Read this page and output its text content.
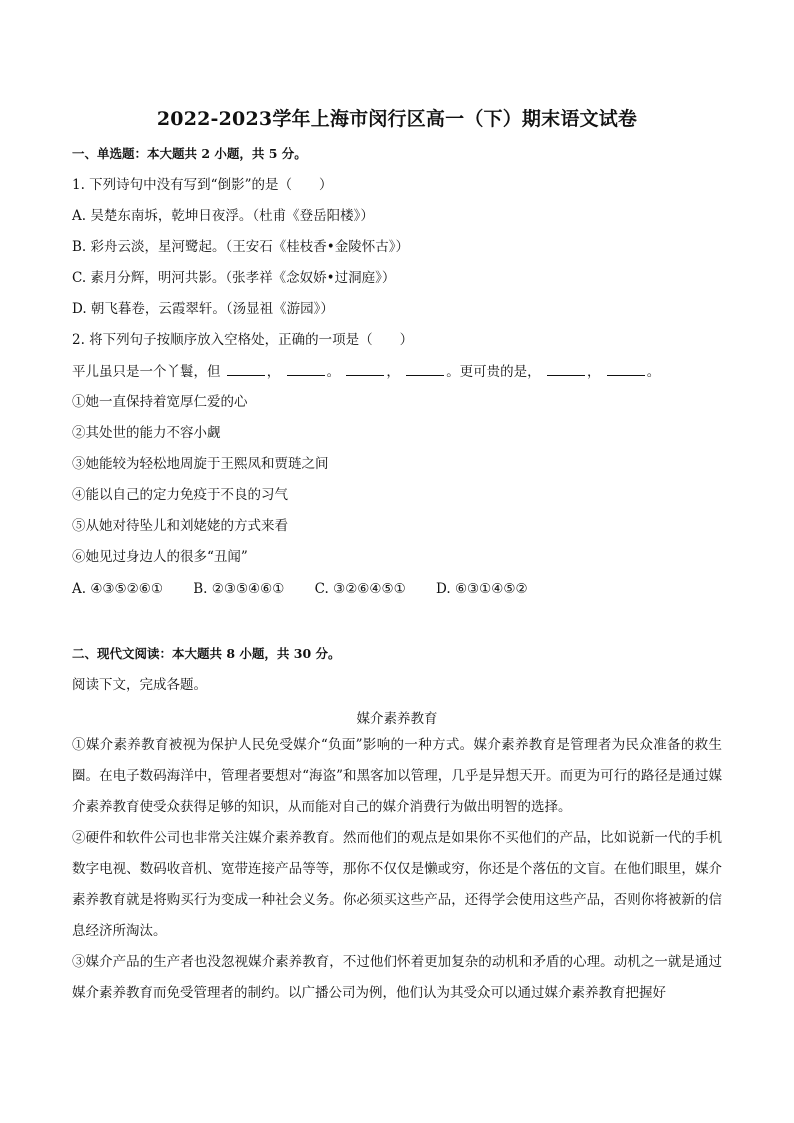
2022-2023学年上海市闵行区高一（下）期末语文试卷
一、单选题：本大题共 2 小题，共 5 分。
1. 下列诗句中没有写到“倒影”的是（　　）
A. 吴楚东南坼，乾坤日夜浮。（杜甫《登岳阳楼》）
B. 彩舟云淡，星河鹭起。（王安石《桂枝香•金陵怀古》）
C. 素月分辉，明河共影。（张孝祥《念奴娇•过洞庭》）
D. 朝飞暮卷，云霞翠轩。（汤显祖《游园》）
2. 将下列句子按顺序放入空格处，正确的一项是（　　）
平儿虽只是一个丫鬟，但	，	。	，	。更可贵的是，	，	。
①她一直保持着宽厚仁爱的心
②其处世的能力不容小觑
③她能较为轻松地周旋于王熙凤和贾琏之间
④能以自己的定力免疫于不良的习气
⑤从她对待坠儿和刘姥姥的方式来看
⑥她见过身边人的很多“丑闻”
A. ④③⑤②⑥① B. ②③⑤④⑥① C. ③②⑥④⑤① D. ⑥③①④⑤②
二、现代文阅读：本大题共 8 小题，共 30 分。
阅读下文，完成各题。
媒介素养教育
①媒介素养教育被视为保护人民免受媒介“负面”影响的一种方式。媒介素养教育是管理者为民众准备的救生圈。在电子数码海洋中，管理者要想对“海盗”和黑客加以管理，几乎是异想天开。而更为可行的路径是通过媒介素养教育使受众获得足够的知识，从而能对自己的媒介消费行为做出明智的选择。
②硬件和软件公司也非常关注媒介素养教育。然而他们的观点是如果你不买他们的产品，比如说新一代的手机数字电视、数码收音机、宽带连接产品等等，那你不仅仅是懒或穷，你还是个落伍的文盲。在他们眼里，媒介素养教育就是将购买行为变成一种社会义务。你必须买这些产品，还得学会使用这些产品，否则你将被新的信息经济所淘汰。
③媒介产品的生产者也没忽视媒介素养教育，不过他们怀着更加复杂的动机和矛盾的心理。动机之一就是通过媒介素养教育而免受管理者的制约。以广播公司为例，他们认为其受众可以通过媒介素养教育把握好
